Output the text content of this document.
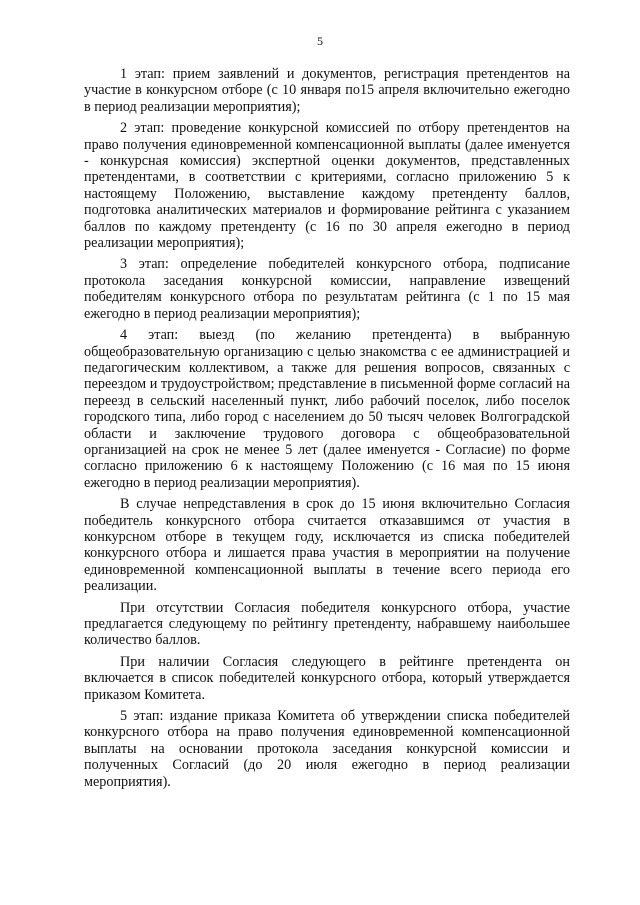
5

1 этап: прием заявлений и документов, регистрация претендентов на участие в конкурсном отборе (с 10 января по15 апреля включительно ежегодно в период реализации мероприятия);

2 этап: проведение конкурсной комиссией по отбору претендентов на право получения единовременной компенсационной выплаты (далее именуется - конкурсная комиссия) экспертной оценки документов, представленных претендентами, в соответствии с критериями, согласно приложению 5 к настоящему Положению, выставление каждому претенденту баллов, подготовка аналитических материалов и формирование рейтинга с указанием баллов по каждому претенденту (с 16 по 30 апреля ежегодно в период реализации мероприятия);

3 этап: определение победителей конкурсного отбора, подписание протокола заседания конкурсной комиссии, направление извещений победителям конкурсного отбора по результатам рейтинга (с 1 по 15 мая ежегодно в период реализации мероприятия);

4 этап: выезд (по желанию претендента) в выбранную общеобразовательную организацию с целью знакомства с ее администрацией и педагогическим коллективом, а также для решения вопросов, связанных с переездом и трудоустройством; представление в письменной форме согласий на переезд в сельский населенный пункт, либо рабочий поселок, либо поселок городского типа, либо город с населением до 50 тысяч человек Волгоградской области и заключение трудового договора с общеобразовательной организацией на срок не менее 5 лет (далее именуется - Согласие) по форме согласно приложению 6 к настоящему Положению (с 16 мая по 15 июня ежегодно в период реализации мероприятия).

В случае непредставления в срок до 15 июня включительно Согласия победитель конкурсного отбора считается отказавшимся от участия в конкурсном отборе в текущем году, исключается из списка победителей конкурсного отбора и лишается права участия в мероприятии на получение единовременной компенсационной выплаты в течение всего периода его реализации.

При отсутствии Согласия победителя конкурсного отбора, участие предлагается следующему по рейтингу претенденту, набравшему наибольшее количество баллов.

При наличии Согласия следующего в рейтинге претендента он включается в список победителей конкурсного отбора, который утверждается приказом Комитета.

5 этап: издание приказа Комитета об утверждении списка победителей конкурсного отбора на право получения единовременной компенсационной выплаты на основании протокола заседания конкурсной комиссии и полученных Согласий (до 20 июля ежегодно в период реализации мероприятия).
